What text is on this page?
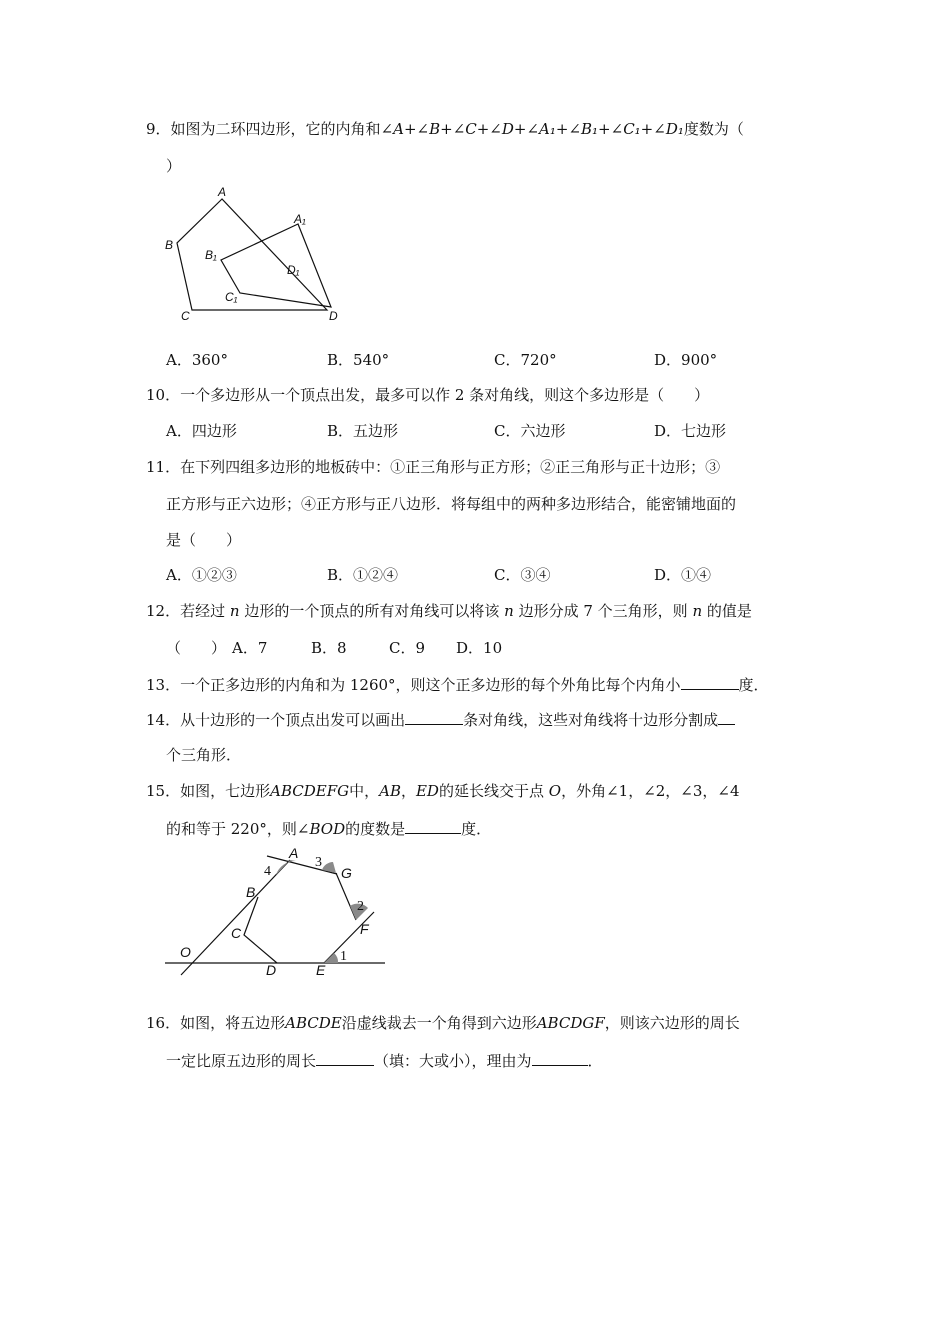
9．如图为二环四边形，它的内角和∠A+∠B+∠C+∠D+∠A₁+∠B₁+∠C₁+∠D₁度数为（
）
A
B
C	D
A₁
B₁
C₁
D₁
A．360°	B．540°	C．720°	D．900°
10．一个多边形从一个顶点出发，最多可以作 2 条对角线，则这个多边形是（　　）
A．四边形	B．五边形	C．六边形	D．七边形
11．在下列四组多边形的地板砖中：①正三角形与正方形；②正三角形与正十边形；③
正方形与正六边形；④正方形与正八边形．将每组中的两种多边形结合，能密铺地面的
是（　　）
A．①②③	B．①②④	C．③④	D．①④
12．若经过 n 边形的一个顶点的所有对角线可以将该 n 边形分成 7 个三角形，则 n 的值是
（　　） A．7	B．8	C．9 D．10
13．一个正多边形的内角和为 1260°，则这个正多边形的每个外角比每个内角小	度．
14．从十边形的一个顶点出发可以画出	条对角线，这些对角线将十边形分割成
个三角形．
15．如图，七边形ABCDEFG中，AB，ED的延长线交于点 O，外角∠1，∠2，∠3，∠4
的和等于 220°，则∠BOD的度数是	度．
O
A
B
C
D	E
F
G
1
2
3
4
16．如图，将五边形ABCDE沿虚线裁去一个角得到六边形ABCDGF，则该六边形的周长
一定比原五边形的周长	（填：大或小），理由为	．
